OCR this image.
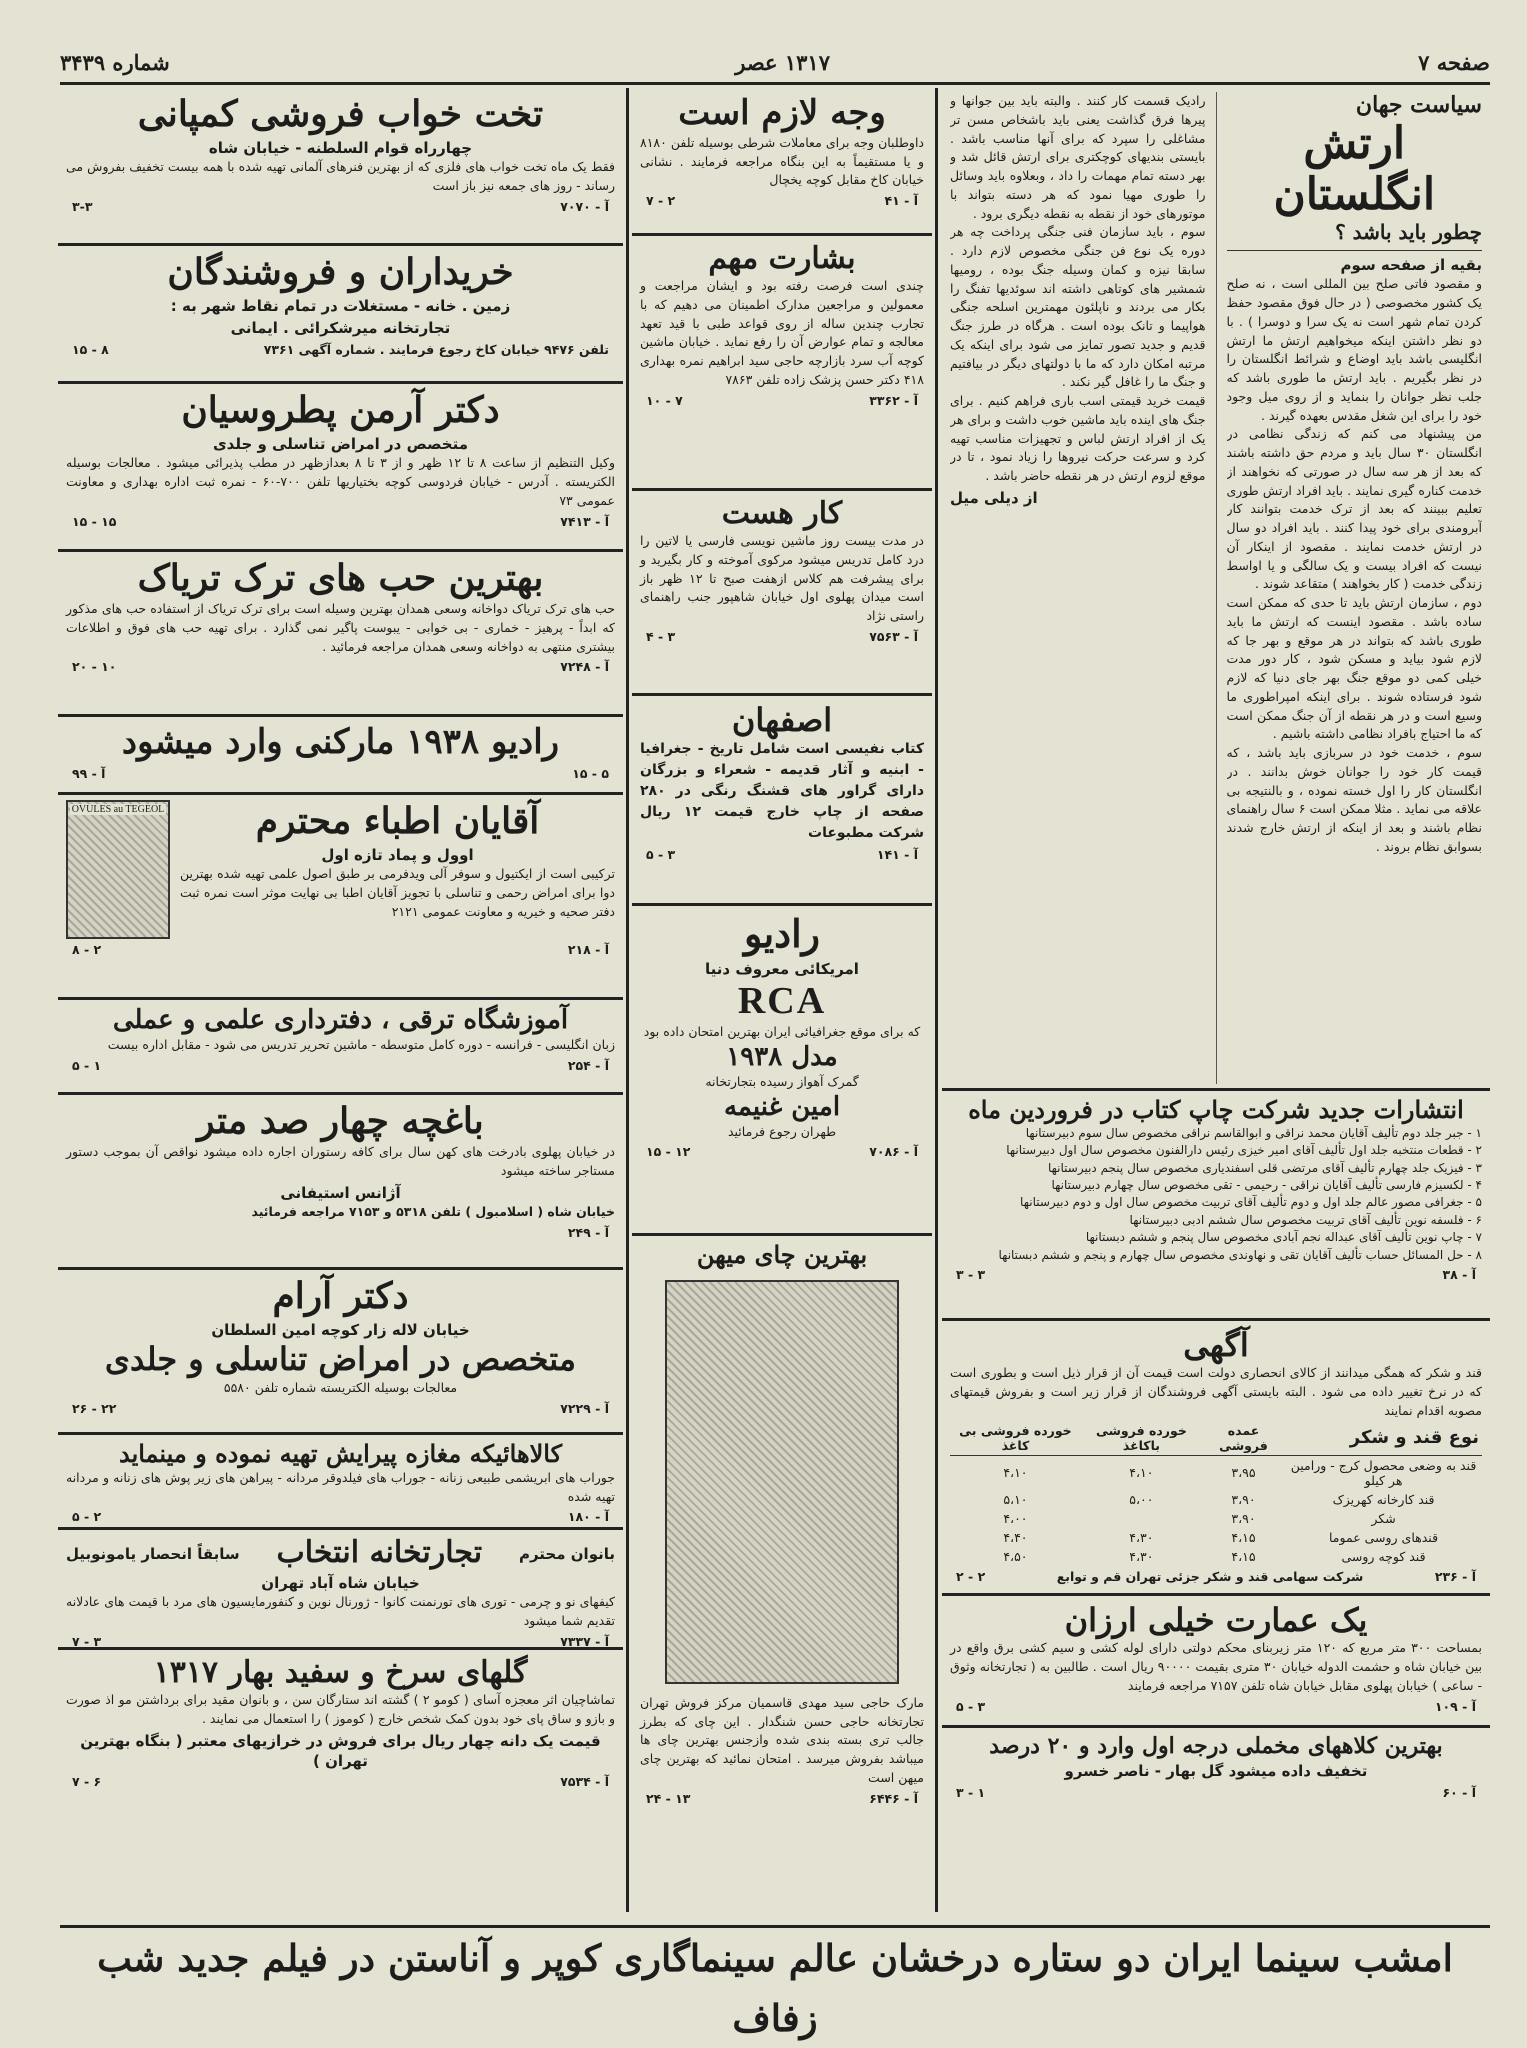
صفحه ۷
۱۳۱۷ عصر
شماره ۳۴۳۹
تخت خواب فروشی کمپانی
چهارراه قوام السلطنه - خیابان شاه
فقط یک ماه تخت خواب های فلزی که از بهترین فنرهای آلمانی تهیه شده با همه بیست تخفیف بفروش می رساند - روز های جمعه نیز باز است
آ - ۷۰۷۰
۳-۳
خریداران و فروشندگان
زمین . خانه - مستغلات در تمام نقاط شهر به :
تجارتخانه میرشکرائی . ایمانی
تلفن ۹۴۷۶ خیابان کاخ رجوع فرمایند . شماره آگهی ۷۳۶۱
۸ - ۱۵
دکتر آرمن پطروسیان
متخصص در امراض تناسلی و جلدی
وکیل التنظیم از ساعت ۸ تا ۱۲ ظهر و از ۳ تا ۸ بعدازظهر در مطب پذیرائی میشود . معالجات بوسیله الکتریسته . آدرس - خیابان فردوسی کوچه بختیاریها تلفن ۷۰۰-۶۰ - نمره ثبت اداره بهداری و معاونت عمومی ۷۳
آ - ۷۴۱۳
۱۵ - ۱۵
بهترین حب های ترک تریاک
حب های ترک تریاک دواخانه وسعی همدان بهترین وسیله است برای ترک تریاک از استفاده حب های مذکور که ابداً - پرهیز - خماری - بی خوابی - یبوست پاگیر نمی گذارد . برای تهیه حب های فوق و اطلاعات بیشتری منتهی به دواخانه وسعی همدان مراجعه فرمائید .
آ - ۷۲۴۸
۱۰ - ۲۰
رادیو ۱۹۳۸ مارکنی وارد میشود
۵ - ۱۵
آ - ۹۹
آقایان اطباء محترم
اوول و پماد تازه اول
ترکیبی است از ایکتیول و سوفر آلی ویدفرمی بر طبق اصول علمی تهیه شده بهترین دوا برای امراض رحمی و تناسلی با تجویز آقایان اطبا بی نهایت موثر است نمره ثبت دفتر صحیه و خیریه و معاونت عمومی ۲۱۲۱
OVULES au TEGEOL
آ - ۲۱۸
۲ - ۸
آموزشگاه ترقی ، دفترداری علمی و عملی
زبان انگلیسی - فرانسه - دوره کامل متوسطه - ماشین تحریر تدریس می شود - مقابل اداره بیست
آ - ۲۵۴
۱ - ۵
باغچه چهار صد متر
در خیابان پهلوی بادرخت های کهن سال برای کافه رستوران اجاره داده میشود نواقص آن بموجب دستور مستاجر ساخته میشود
آژانس استیفانی
خیابان شاه ( اسلامبول ) تلفن ۵۳۱۸ و ۷۱۵۳ مراجعه فرمائید
آ - ۲۴۹
دکتر آرام
خیابان لاله زار کوچه امین السلطان
متخصص در امراض تناسلی و جلدی
معالجات بوسیله الکتریسته شماره تلفن ۵۵۸۰
آ - ۷۲۲۹
۲۲ - ۲۶
کالاهائیکه مغازه پیرایش تهیه نموده و مینماید
جوراب های ابریشمی طبیعی زنانه - جوراب های فیلدوقر مردانه - پیراهن های زیر پوش های زنانه و مردانه تهیه شده
آ - ۱۸۰
۲ - ۵
بانوان محترم
تجارتخانه انتخاب
سابقاً انحصار یامونوبیل
خیابان شاه آباد تهران
کیفهای نو و چرمی - توری های تورنمنت کانوا - ژورنال نوین و کنفورمایسیون های مرد با قیمت های عادلانه تقدیم شما میشود
آ - ۷۳۳۷
۳ - ۷
گلهای سرخ و سفید بهار ۱۳۱۷
تماشاچیان اثر معجزه آسای ( کومو ۲ ) گشته اند ستارگان سن ، و بانوان مقید برای برداشتن مو اذ صورت و بازو و ساق پای خود بدون کمک شخص خارج ( کوموز ) را استعمال می نمایند .
قیمت یک دانه چهار ریال برای فروش در خرازیهای معتبر ( بنگاه بهترین تهران )
آ - ۷۵۳۴
۶ - ۷
وجه لازم است
داوطلبان وجه برای معاملات شرطی بوسیله تلفن ۸۱۸۰ و یا مستقیماً به این بنگاه مراجعه فرمایند . نشانی خیابان کاخ مقابل کوچه یخچال
آ - ۴۱
۲ - ۷
بشارت مهم
چندی است فرصت رفته بود و ایشان مراجعت و معمولین و مراجعین مدارک اطمینان می دهیم که با تجارب چندین ساله از روی قواعد طبی با قید تعهد معالجه و تمام عوارض آن را رفع نماید . خیابان ماشین کوچه آب سرد بازارچه حاجی سید ابراهیم نمره بهداری ۴۱۸ دکتر حسن پزشک زاده تلفن ۷۸۶۳
آ - ۳۳۶۲
۷ - ۱۰
کار هست
در مدت بیست روز ماشین نویسی فارسی یا لاتین را درد کامل تدریس میشود مرکوی آموخته و کار بگیرید و برای پیشرفت هم کلاس ازهفت صبح تا ۱۲ ظهر باز است میدان پهلوی اول خیابان شاهپور جنب راهنمای راستی نژاد
آ - ۷۵۶۳
۳ - ۴
اصفهان
کتاب نفیسی است شامل تاریخ - جغرافیا - ابنیه و آثار قدیمه - شعراء و بزرگان دارای گراور های قشنگ رنگی در ۲۸۰ صفحه از چاپ خارج قیمت ۱۲ ریال شرکت مطبوعات
آ - ۱۴۱
۳ - ۵
رادیو
امریکائی معروف دنیا
RCA
که برای موقع جغرافیائی ایران بهترین امتحان داده بود
مدل ۱۹۳۸
گمرک آهواز رسیده بتجارتخانه
امین غنیمه
طهران رجوع فرمائید
آ - ۷۰۸۶
۱۲ - ۱۵
بهترین چای میهن
مارک حاجی سید مهدی قاسمیان مرکز فروش تهران تجارتخانه حاجی حسن شنگدار . این چای که بطرز جالب تری بسته بندی شده وازجنس بهترین چای ها میباشد بفروش میرسد . امتحان نمائید که بهترین چای میهن است
آ - ۶۴۴۶
۱۳ - ۲۴
سیاست جهان
ارتش انگلستان
چطور باید باشد ؟
بقیه از صفحه سوم

و مقصود فاتی صلح بین المللی است ، نه صلح یک کشور مخصوصی ( در حال فوق مقصود حفظ کردن تمام شهر است نه یک سرا و دوسرا ) . با دو نظر داشتن اینکه میخواهیم ارتش ما ارتش انگلیسی باشد باید اوضاع و شرائط انگلستان را در نظر بگیریم . باید ارتش ما طوری باشد که جلب نظر جوانان را بنماید و از روی میل وجود خود را برای این شغل مقدس بعهده گیرند .

من پیشنهاد می کنم که زندگی نظامی در انگلستان ۳۰ سال باید و مردم حق داشته باشند که بعد از هر سه سال در صورتی که نخواهند از خدمت کناره گیری نمایند . باید افراد ارتش طوری تعلیم ببینند که بعد از ترک خدمت بتوانند کار آبرومندی برای خود پیدا کنند . باید افراد دو سال در ارتش خدمت نمایند . مقصود از اینکار آن نیست که افراد بیست و یک سالگی و یا اواسط زندگی خدمت ( کار بخواهند ) متقاعد شوند .

دوم ، سازمان ارتش باید تا حدی که ممکن است ساده باشد . مقصود اینست که ارتش ما باید طوری باشد که بتواند در هر موقع و بهر جا که لازم شود بیاید و مسکن شود ، کار دور مدت خیلی کمی دو موقع جنگ بهر جای دنیا که لازم شود فرستاده شوند . برای اینکه امپراطوری ما وسیع است و در هر نقطه از آن جنگ ممکن است که ما احتیاج بافراد نظامی داشته باشیم .

سوم ، خدمت خود در سربازی باید باشد ، که قیمت کار خود را جوانان خوش بدانند . در انگلستان کار را اول خسته نموده ، و بالنتیجه بی علاقه می نماید . مثلا ممکن است ۶ سال راهنمای نظام باشند و بعد از اینکه از ارتش خارج شدند بسوابق نظام بروند .

رادیک قسمت کار کنند . والبته باید بین جوانها و پیرها فرق گذاشت یعنی باید باشخاص مسن تر مشاغلی را سپرد که برای آنها مناسب باشد . بایستی بندیهای کوچکتری برای ارتش قائل شد و بهر دسته تمام مهمات را داد ، وبعلاوه باید وسائل را طوری مهیا نمود که هر دسته بتواند با موتورهای خود از نقطه به نقطه دیگری برود .

سوم ، باید سازمان فنی جنگی پرداخت چه هر دوره یک نوع فن جنگی مخصوص لازم دارد . سابقا نیزه و کمان وسیله جنگ بوده ، رومیها شمشیر های کوتاهی داشته اند سوئدیها تفنگ را بکار می بردند و ناپلئون مهمترین اسلحه جنگی هواپیما و تانک بوده است . هرگاه در طرز جنگ قدیم و جدید تصور تمایز می شود برای اینکه یک مرتبه امکان دارد که ما با دولتهای دیگر در بیافتیم و جنگ ما را غافل گیر نکند .

قیمت خرید قیمتی اسب باری فراهم کنیم . برای جنگ های اینده باید ماشین خوب داشت و برای هر یک از افراد ارتش لباس و تجهیزات مناسب تهیه کرد و سرعت حرکت نیروها را زیاد نمود ، تا در موقع لزوم ارتش در هر نقطه حاضر باشد .

از دیلی میل
انتشارات جدید شرکت چاپ کتاب در فروردین ماه
۱ - جبر جلد دوم تألیف آقایان محمد نراقی و ابوالقاسم نراقی مخصوص سال سوم دبیرستانها
۲ - قطعات منتخبه جلد اول تألیف آقای امیر خیزی رئیس دارالفنون مخصوص سال اول دبیرستانها
۳ - فیزیک جلد چهارم تألیف آقای مرتضی قلی اسفندیاری مخصوص سال پنجم دبیرستانها
۴ - لکسیزم فارسی تألیف آقایان نراقی - رحیمی - تقی مخصوص سال چهارم دبیرستانها
۵ - جغرافی مصور عالم جلد اول و دوم تألیف آقای تربیت مخصوص سال اول و دوم دبیرستانها
۶ - فلسفه نوین تألیف آقای تربیت مخصوص سال ششم ادبی دبیرستانها
۷ - چاپ نوین تألیف آقای عبداله نجم آبادی مخصوص سال پنجم و ششم دبستانها
۸ - حل المسائل حساب تألیف آقایان تقی و نهاوندی مخصوص سال چهارم و پنجم و ششم دبستانها
آ - ۳۸
۳ - ۳
آگهی
قند و شکر که همگی میدانند از کالای انحصاری دولت است قیمت آن از قرار ذیل است و بطوری است که در نرخ تغییر داده می شود . البته بایستی آگهی فروشندگان از قرار زیر است و بفروش قیمتهای مصوبه اقدام نمایند
نوع قند و شکر	عمده فروشی	خورده فروشی باکاغذ	خورده فروشی بی کاغذ
قند به وضعی محصول کرج - ورامین هر کیلو	۳،۹۵	۴،۱۰	۴،۱۰
قند کارخانه کهریزک	۳،۹۰	۵،۰۰	۵،۱۰
شکر	۳،۹۰		۴،۰۰
قندهای روسی عموما	۴،۱۵	۴،۳۰	۴،۴۰
قند کوچه روسی	۴،۱۵	۴،۳۰	۴،۵۰
آ - ۲۳۶
شرکت سهامی قند و شکر جزئی تهران قم و توابع
۲ - ۲
یک عمارت خیلی ارزان
بمساحت ۳۰۰ متر مربع که ۱۲۰ متر زیربنای محکم دولتی دارای لوله کشی و سیم کشی برق واقع در بین خیابان شاه و حشمت الدوله خیابان ۳۰ متری بقیمت ۹۰۰۰۰ ریال است . طالبین به ( تجارتخانه وثوق - ساعی ) خیابان پهلوی مقابل خیابان شاه تلفن ۷۱۵۷ مراجعه فرمایند
آ - ۱۰۹
۳ - ۵
بهترین کلاههای مخملی درجه اول وارد و ۲۰ درصد
تخفیف داده میشود گل بهار - ناصر خسرو
آ - ۶۰
۱ - ۳
امشب سینما ایران دو ستاره درخشان عالم سینماگاری کوپر و آناستن در فیلم جدید شب زفاف
